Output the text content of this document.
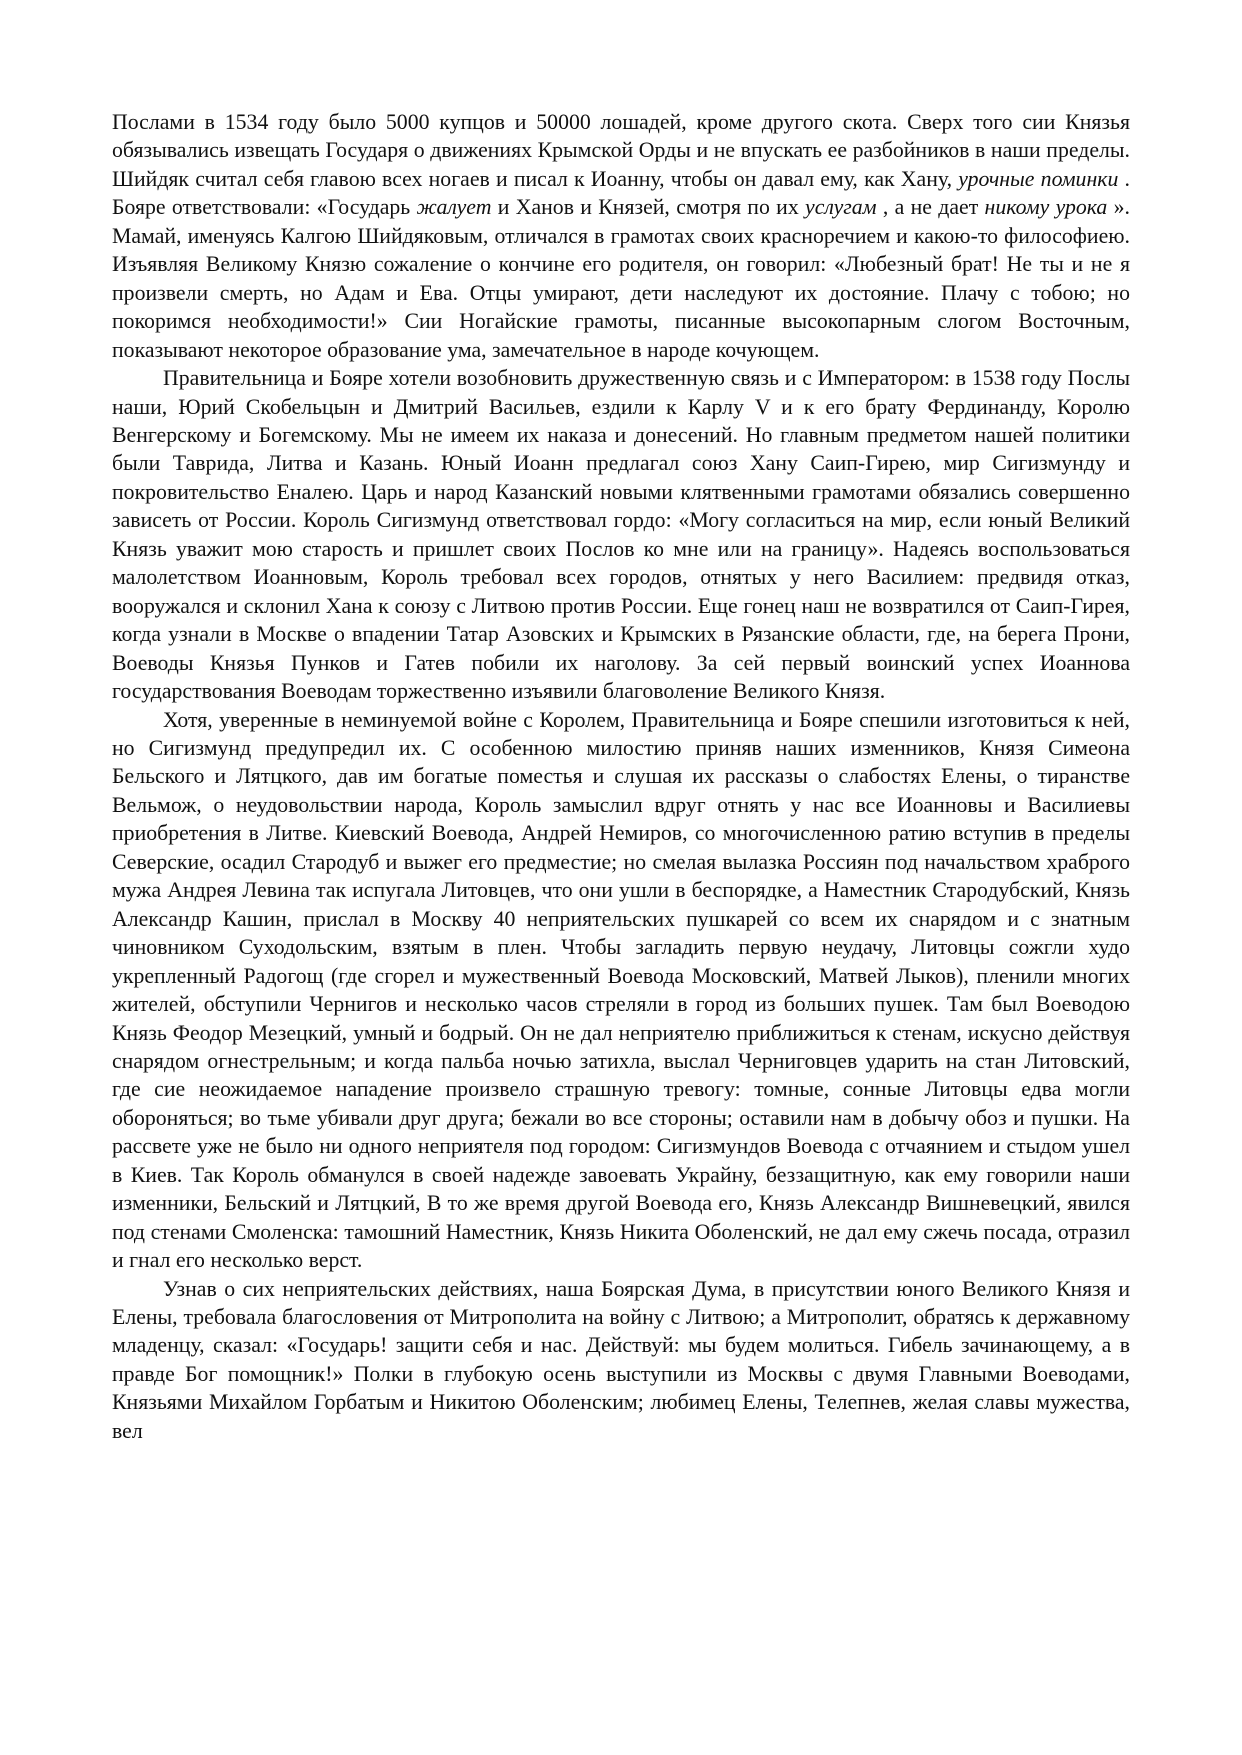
Послами в 1534 году было 5000 купцов и 50000 лошадей, кроме другого скота. Сверх того сии Князья обязывались извещать Государя о движениях Крымской Орды и не впускать ее разбойников в наши пределы. Шийдяк считал себя главою всех ногаев и писал к Иоанну, чтобы он давал ему, как Хану, урочные поминки . Бояре ответствовали: «Государь жалует и Ханов и Князей, смотря по их услугам , а не дает никому урока ». Мамай, именуясь Калгою Шийдяковым, отличался в грамотах своих красноречием и какою-то философиею. Изъявляя Великому Князю сожаление о кончине его родителя, он говорил: «Любезный брат! Не ты и не я произвели смерть, но Адам и Ева. Отцы умирают, дети наследуют их достояние. Плачу с тобою; но покоримся необходимости!» Сии Ногайские грамоты, писанные высокопарным слогом Восточным, показывают некоторое образование ума, замечательное в народе кочующем.

Правительница и Бояре хотели возобновить дружественную связь и с Императором: в 1538 году Послы наши, Юрий Скобельцын и Дмитрий Васильев, ездили к Карлу V и к его брату Фердинанду, Королю Венгерскому и Богемскому. Мы не имеем их наказа и донесений. Но главным предметом нашей политики были Таврида, Литва и Казань. Юный Иоанн предлагал союз Хану Саип-Гирею, мир Сигизмунду и покровительство Еналею. Царь и народ Казанский новыми клятвенными грамотами обязались совершенно зависеть от России. Король Сигизмунд ответствовал гордо: «Могу согласиться на мир, если юный Великий Князь уважит мою старость и пришлет своих Послов ко мне или на границу». Надеясь воспользоваться малолетством Иоанновым, Король требовал всех городов, отнятых у него Василием: предвидя отказ, вооружался и склонил Хана к союзу с Литвою против России. Еще гонец наш не возвратился от Саип-Гирея, когда узнали в Москве о впадении Татар Азовских и Крымских в Рязанские области, где, на берега Прони, Воеводы Князья Пунков и Гатев побили их наголову. За сей первый воинский успех Иоаннова государствования Воеводам торжественно изъявили благоволение Великого Князя.

Хотя, уверенные в неминуемой войне с Королем, Правительница и Бояре спешили изготовиться к ней, но Сигизмунд предупредил их. С особенною милостию приняв наших изменников, Князя Симеона Бельского и Лятцкого, дав им богатые поместья и слушая их рассказы о слабостях Елены, о тиранстве Вельмож, о неудовольствии народа, Король замыслил вдруг отнять у нас все Иоанновы и Василиевы приобретения в Литве. Киевский Воевода, Андрей Немиров, со многочисленною ратию вступив в пределы Северские, осадил Стародуб и выжег его предместие; но смелая вылазка Россиян под начальством храброго мужа Андрея Левина так испугала Литовцев, что они ушли в беспорядке, а Наместник Стародубский, Князь Александр Кашин, прислал в Москву 40 неприятельских пушкарей со всем их снарядом и с знатным чиновником Суходольским, взятым в плен. Чтобы загладить первую неудачу, Литовцы сожгли худо укрепленный Радогощ (где сгорел и мужественный Воевода Московский, Матвей Лыков), пленили многих жителей, обступили Чернигов и несколько часов стреляли в город из больших пушек. Там был Воеводою Князь Феодор Мезецкий, умный и бодрый. Он не дал неприятелю приближиться к стенам, искусно действуя снарядом огнестрельным; и когда пальба ночью затихла, выслал Черниговцев ударить на стан Литовский, где сие неожидаемое нападение произвело страшную тревогу: томные, сонные Литовцы едва могли обороняться; во тьме убивали друг друга; бежали во все стороны; оставили нам в добычу обоз и пушки. На рассвете уже не было ни одного неприятеля под городом: Сигизмундов Воевода с отчаянием и стыдом ушел в Киев. Так Король обманулся в своей надежде завоевать Украйну, беззащитную, как ему говорили наши изменники, Бельский и Лятцкий, В то же время другой Воевода его, Князь Александр Вишневецкий, явился под стенами Смоленска: тамошний Наместник, Князь Никита Оболенский, не дал ему сжечь посада, отразил и гнал его несколько верст.

Узнав о сих неприятельских действиях, наша Боярская Дума, в присутствии юного Великого Князя и Елены, требовала благословения от Митрополита на войну с Литвою; а Митрополит, обратясь к державному младенцу, сказал: «Государь! защити себя и нас. Действуй: мы будем молиться. Гибель зачинающему, а в правде Бог помощник!» Полки в глубокую осень выступили из Москвы с двумя Главными Воеводами, Князьями Михайлом Горбатым и Никитою Оболенским; любимец Елены, Телепнев, желая славы мужества, вел
